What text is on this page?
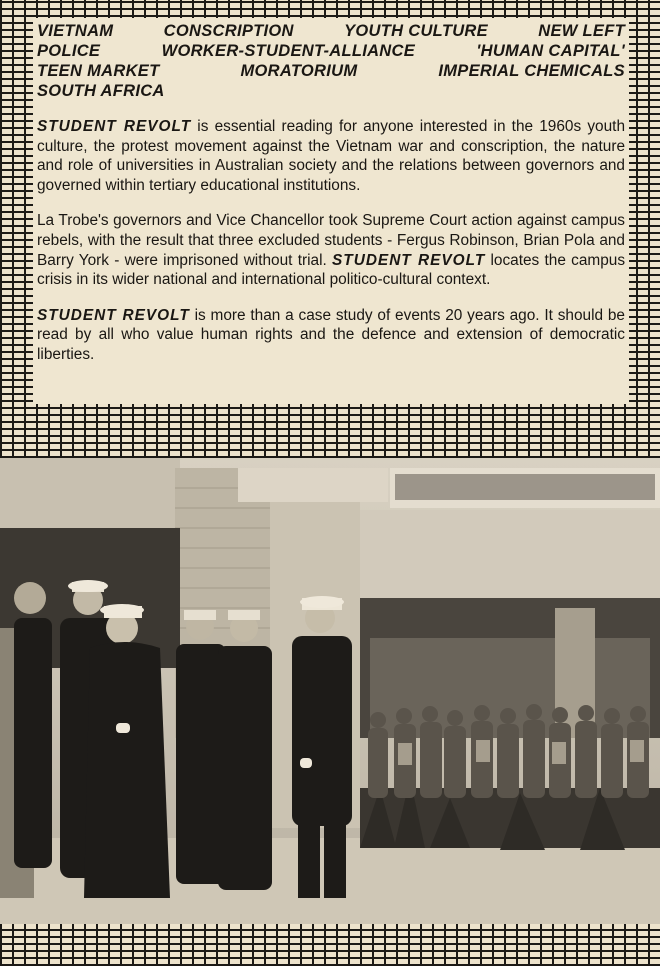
VIETNAM	CONSCRIPTION	YOUTH CULTURE	NEW LEFT
POLICE	WORKER-STUDENT-ALLIANCE	'HUMAN CAPITAL'
TEEN MARKET	MORATORIUM	IMPERIAL CHEMICALS
SOUTH AFRICA

STUDENT REVOLT is essential reading for anyone interested in the 1960s youth culture, the protest movement against the Vietnam war and conscription, the nature and role of universities in Australian society and the relations between governors and governed within tertiary educational institutions.

La Trobe's governors and Vice Chancellor took Supreme Court action against campus rebels, with the result that three excluded students - Fergus Robinson, Brian Pola and Barry York - were imprisoned without trial. STUDENT REVOLT locates the campus crisis in its wider national and international politico-cultural context.

STUDENT REVOLT is more than a case study of events 20 years ago. It should be read by all who value human rights and the defence and extension of democratic liberties.
